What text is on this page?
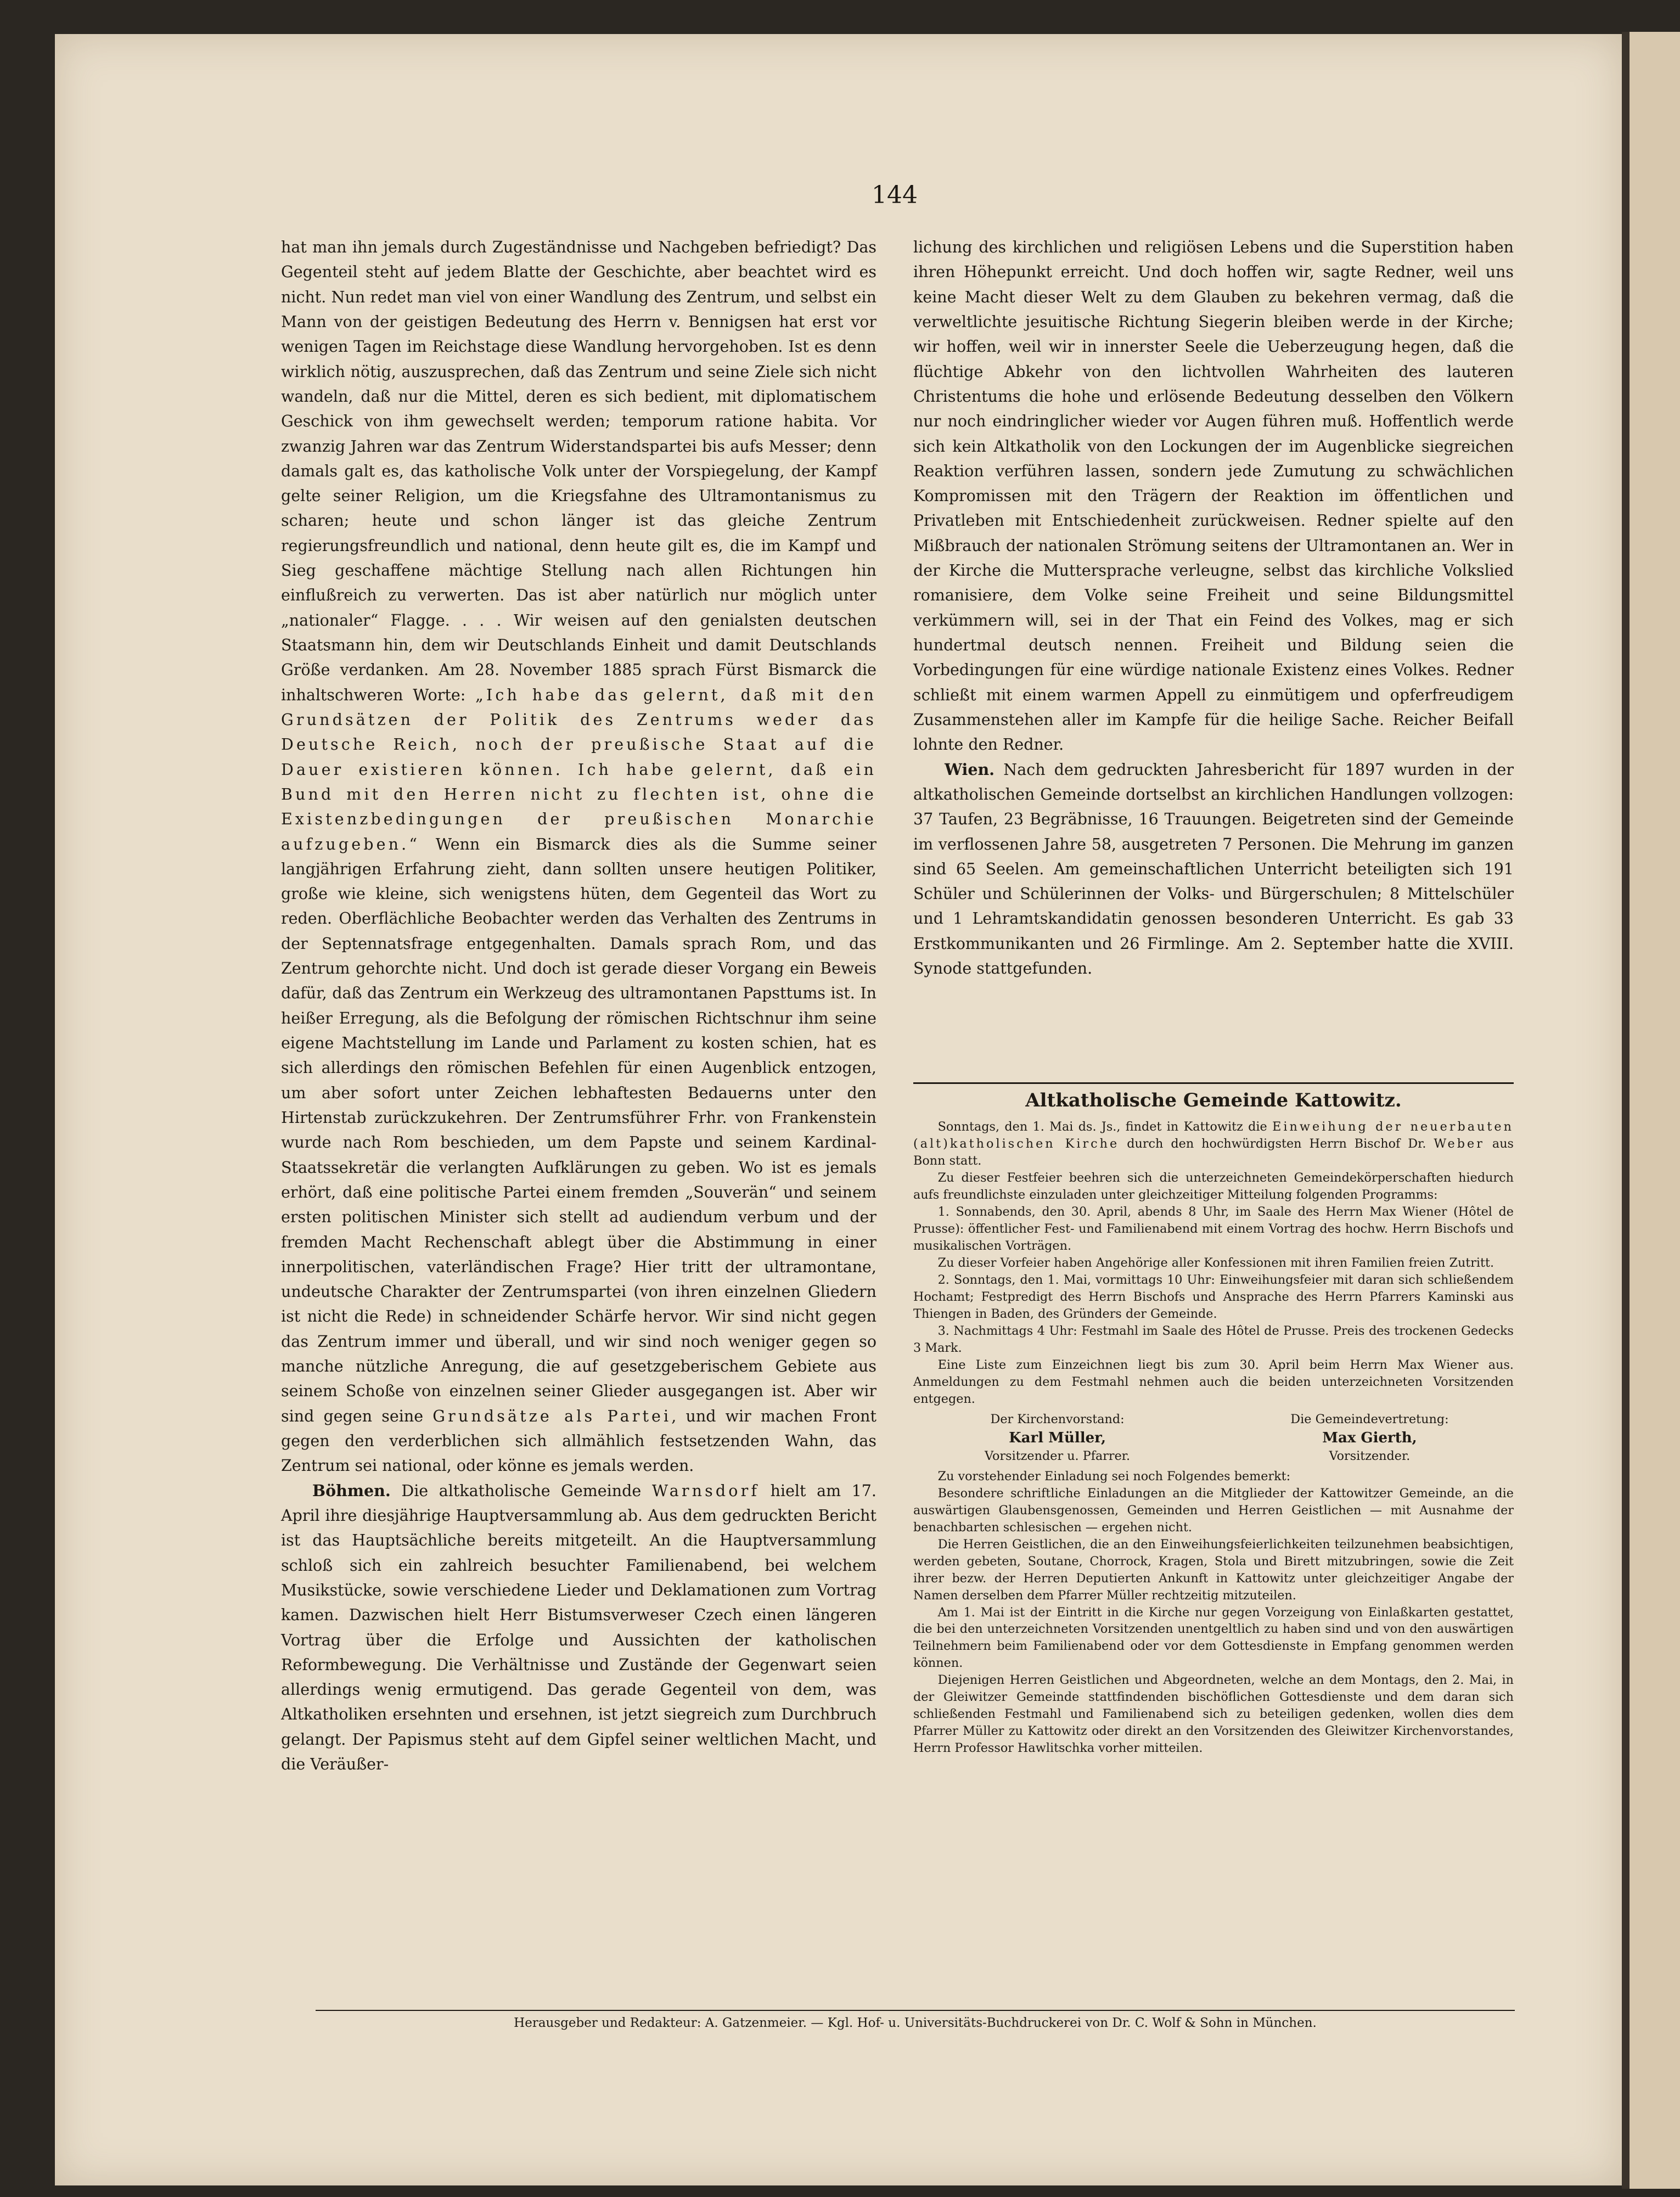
144

hat man ihn jemals durch Zugeständnisse und Nachgeben befriedigt? Das Gegenteil steht auf jedem Blatte der Geschichte, aber beachtet wird es nicht. Nun redet man viel von einer Wandlung des Zentrum, und selbst ein Mann von der geistigen Bedeutung des Herrn v. Bennigsen hat erst vor wenigen Tagen im Reichstage diese Wandlung hervorgehoben. Ist es denn wirklich nötig, auszusprechen, daß das Zentrum und seine Ziele sich nicht wandeln, daß nur die Mittel, deren es sich bedient, mit diplomatischem Geschick von ihm gewechselt werden; temporum ratione habita. Vor zwanzig Jahren war das Zentrum Widerstandspartei bis aufs Messer; denn damals galt es, das katholische Volk unter der Vorspiegelung, der Kampf gelte seiner Religion, um die Kriegsfahne des Ultramontanismus zu scharen; heute und schon länger ist das gleiche Zentrum regierungsfreundlich und national, denn heute gilt es, die im Kampf und Sieg geschaffene mächtige Stellung nach allen Richtungen hin einflußreich zu verwerten. Das ist aber natürlich nur möglich unter „nationaler“ Flagge. . . . Wir weisen auf den genialsten deutschen Staatsmann hin, dem wir Deutschlands Einheit und damit Deutschlands Größe verdanken. Am 28. November 1885 sprach Fürst Bismarck die inhaltschweren Worte: „Ich habe das gelernt, daß mit den Grundsätzen der Politik des Zentrums weder das Deutsche Reich, noch der preußische Staat auf die Dauer existieren können. Ich habe gelernt, daß ein Bund mit den Herren nicht zu flechten ist, ohne die Existenzbedingungen der preußischen Monarchie aufzugeben.“ Wenn ein Bismarck dies als die Summe seiner langjährigen Erfahrung zieht, dann sollten unsere heutigen Politiker, große wie kleine, sich wenigstens hüten, dem Gegenteil das Wort zu reden. Oberflächliche Beobachter werden das Verhalten des Zentrums in der Septennatsfrage entgegenhalten. Damals sprach Rom, und das Zentrum gehorchte nicht. Und doch ist gerade dieser Vorgang ein Beweis dafür, daß das Zentrum ein Werkzeug des ultramontanen Papsttums ist. In heißer Erregung, als die Befolgung der römischen Richtschnur ihm seine eigene Machtstellung im Lande und Parlament zu kosten schien, hat es sich allerdings den römischen Befehlen für einen Augenblick entzogen, um aber sofort unter Zeichen lebhaftesten Bedauerns unter den Hirtenstab zurückzukehren. Der Zentrumsführer Frhr. von Frankenstein wurde nach Rom beschieden, um dem Papste und seinem Kardinal-Staatssekretär die verlangten Aufklärungen zu geben. Wo ist es jemals erhört, daß eine politische Partei einem fremden „Souverän“ und seinem ersten politischen Minister sich stellt ad audiendum verbum und der fremden Macht Rechenschaft ablegt über die Abstimmung in einer innerpolitischen, vaterländischen Frage? Hier tritt der ultramontane, undeutsche Charakter der Zentrumspartei (von ihren einzelnen Gliedern ist nicht die Rede) in schneidender Schärfe hervor. Wir sind nicht gegen das Zentrum immer und überall, und wir sind noch weniger gegen so manche nützliche Anregung, die auf gesetzgeberischem Gebiete aus seinem Schoße von einzelnen seiner Glieder ausgegangen ist. Aber wir sind gegen seine Grundsätze als Partei, und wir machen Front gegen den verderblichen sich allmählich festsetzenden Wahn, das Zentrum sei national, oder könne es jemals werden.

Böhmen. Die altkatholische Gemeinde Warnsdorf hielt am 17. April ihre diesjährige Hauptversammlung ab. Aus dem gedruckten Bericht ist das Hauptsächliche bereits mitgeteilt. An die Hauptversammlung schloß sich ein zahlreich besuchter Familienabend, bei welchem Musikstücke, sowie verschiedene Lieder und Deklamationen zum Vortrag kamen. Dazwischen hielt Herr Bistumsverweser Czech einen längeren Vortrag über die Erfolge und Aussichten der katholischen Reformbewegung. Die Verhältnisse und Zustände der Gegenwart seien allerdings wenig ermutigend. Das gerade Gegenteil von dem, was Altkatholiken ersehnten und ersehnen, ist jetzt siegreich zum Durchbruch gelangt. Der Papismus steht auf dem Gipfel seiner weltlichen Macht, und die Veräußer-

lichung des kirchlichen und religiösen Lebens und die Superstition haben ihren Höhepunkt erreicht. Und doch hoffen wir, sagte Redner, weil uns keine Macht dieser Welt zu dem Glauben zu bekehren vermag, daß die verweltlichte jesuitische Richtung Siegerin bleiben werde in der Kirche; wir hoffen, weil wir in innerster Seele die Ueberzeugung hegen, daß die flüchtige Abkehr von den lichtvollen Wahrheiten des lauteren Christentums die hohe und erlösende Bedeutung desselben den Völkern nur noch eindringlicher wieder vor Augen führen muß. Hoffentlich werde sich kein Altkatholik von den Lockungen der im Augenblicke siegreichen Reaktion verführen lassen, sondern jede Zumutung zu schwächlichen Kompromissen mit den Trägern der Reaktion im öffentlichen und Privatleben mit Entschiedenheit zurückweisen. Redner spielte auf den Mißbrauch der nationalen Strömung seitens der Ultramontanen an. Wer in der Kirche die Muttersprache verleugne, selbst das kirchliche Volkslied romanisiere, dem Volke seine Freiheit und seine Bildungsmittel verkümmern will, sei in der That ein Feind des Volkes, mag er sich hundertmal deutsch nennen. Freiheit und Bildung seien die Vorbedingungen für eine würdige nationale Existenz eines Volkes. Redner schließt mit einem warmen Appell zu einmütigem und opferfreudigem Zusammenstehen aller im Kampfe für die heilige Sache. Reicher Beifall lohnte den Redner.

Wien. Nach dem gedruckten Jahresbericht für 1897 wurden in der altkatholischen Gemeinde dortselbst an kirchlichen Handlungen vollzogen: 37 Taufen, 23 Begräbnisse, 16 Trauungen. Beigetreten sind der Gemeinde im verflossenen Jahre 58, ausgetreten 7 Personen. Die Mehrung im ganzen sind 65 Seelen. Am gemeinschaftlichen Unterricht beteiligten sich 191 Schüler und Schülerinnen der Volks- und Bürgerschulen; 8 Mittelschüler und 1 Lehramtskandidatin genossen besonderen Unterricht. Es gab 33 Erstkommunikanten und 26 Firmlinge. Am 2. September hatte die XVIII. Synode stattgefunden.

Altkatholische Gemeinde Kattowitz.

Sonntags, den 1. Mai ds. Js., findet in Kattowitz die Einweihung der neuerbauten (alt)katholischen Kirche durch den hochwürdigsten Herrn Bischof Dr. Weber aus Bonn statt.

Zu dieser Festfeier beehren sich die unterzeichneten Gemeindekörperschaften hiedurch aufs freundlichste einzuladen unter gleichzeitiger Mitteilung folgenden Programms:

1. Sonnabends, den 30. April, abends 8 Uhr, im Saale des Herrn Max Wiener (Hôtel de Prusse): öffentlicher Fest- und Familienabend mit einem Vortrag des hochw. Herrn Bischofs und musikalischen Vorträgen.

Zu dieser Vorfeier haben Angehörige aller Konfessionen mit ihren Familien freien Zutritt.

2. Sonntags, den 1. Mai, vormittags 10 Uhr: Einweihungsfeier mit daran sich schließendem Hochamt; Festpredigt des Herrn Bischofs und Ansprache des Herrn Pfarrers Kaminski aus Thiengen in Baden, des Gründers der Gemeinde.

3. Nachmittags 4 Uhr: Festmahl im Saale des Hôtel de Prusse. Preis des trockenen Gedecks 3 Mark.

Eine Liste zum Einzeichnen liegt bis zum 30. April beim Herrn Max Wiener aus. Anmeldungen zu dem Festmahl nehmen auch die beiden unterzeichneten Vorsitzenden entgegen.

Der Kirchenvorstand:
Karl Müller,
Vorsitzender u. Pfarrer.
Die Gemeindevertretung:
Max Gierth,
Vorsitzender.

Zu vorstehender Einladung sei noch Folgendes bemerkt:

Besondere schriftliche Einladungen an die Mitglieder der Kattowitzer Gemeinde, an die auswärtigen Glaubensgenossen, Gemeinden und Herren Geistlichen — mit Ausnahme der benachbarten schlesischen — ergehen nicht.

Die Herren Geistlichen, die an den Einweihungsfeierlichkeiten teilzunehmen beabsichtigen, werden gebeten, Soutane, Chorrock, Kragen, Stola und Birett mitzubringen, sowie die Zeit ihrer bezw. der Herren Deputierten Ankunft in Kattowitz unter gleichzeitiger Angabe der Namen derselben dem Pfarrer Müller rechtzeitig mitzuteilen.

Am 1. Mai ist der Eintritt in die Kirche nur gegen Vorzeigung von Einlaßkarten gestattet, die bei den unterzeichneten Vorsitzenden unentgeltlich zu haben sind und von den auswärtigen Teilnehmern beim Familienabend oder vor dem Gottesdienste in Empfang genommen werden können.

Diejenigen Herren Geistlichen und Abgeordneten, welche an dem Montags, den 2. Mai, in der Gleiwitzer Gemeinde stattfindenden bischöflichen Gottesdienste und dem daran sich schließenden Festmahl und Familienabend sich zu beteiligen gedenken, wollen dies dem Pfarrer Müller zu Kattowitz oder direkt an den Vorsitzenden des Gleiwitzer Kirchenvorstandes, Herrn Professor Hawlitschka vorher mitteilen.

Herausgeber und Redakteur: A. Gatzenmeier. — Kgl. Hof- u. Universitäts-Buchdruckerei von Dr. C. Wolf & Sohn in München.
